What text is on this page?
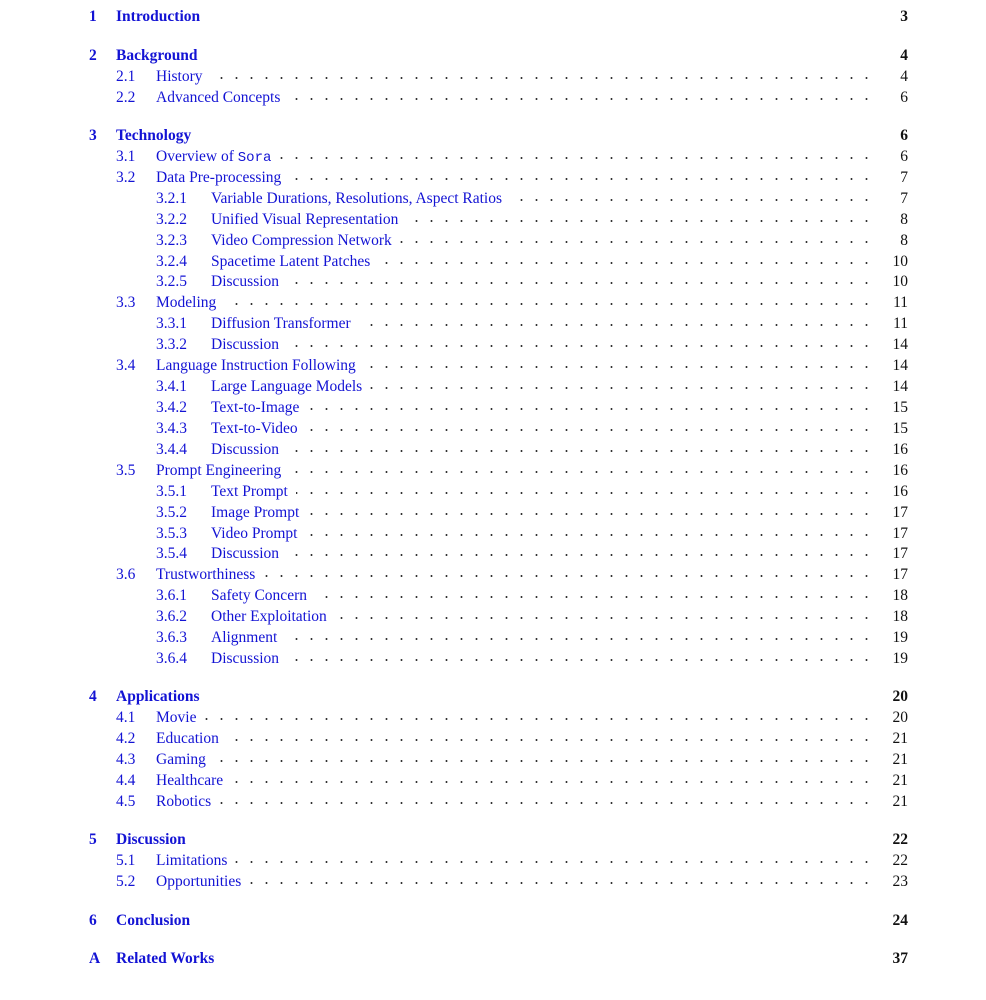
1 Introduction	3
2 Background	4
2.1 History	4
2.2 Advanced Concepts	6
3 Technology	6
3.1 Overview of Sora	6
3.2 Data Pre-processing	7
3.2.1 Variable Durations, Resolutions, Aspect Ratios	7
3.2.2 Unified Visual Representation	8
3.2.3 Video Compression Network	8
3.2.4 Spacetime Latent Patches	10
3.2.5 Discussion	10
3.3 Modeling	11
3.3.1 Diffusion Transformer	11
3.3.2 Discussion	14
3.4 Language Instruction Following	14
3.4.1 Large Language Models	14
3.4.2 Text-to-Image	15
3.4.3 Text-to-Video	15
3.4.4 Discussion	16
3.5 Prompt Engineering	16
3.5.1 Text Prompt	16
3.5.2 Image Prompt	17
3.5.3 Video Prompt	17
3.5.4 Discussion	17
3.6 Trustworthiness	17
3.6.1 Safety Concern	18
3.6.2 Other Exploitation	18
3.6.3 Alignment	19
3.6.4 Discussion	19
4 Applications	20
4.1 Movie	20
4.2 Education	21
4.3 Gaming	21
4.4 Healthcare	21
4.5 Robotics	21
5 Discussion	22
5.1 Limitations	22
5.2 Opportunities	23
6 Conclusion	24
A Related Works	37
